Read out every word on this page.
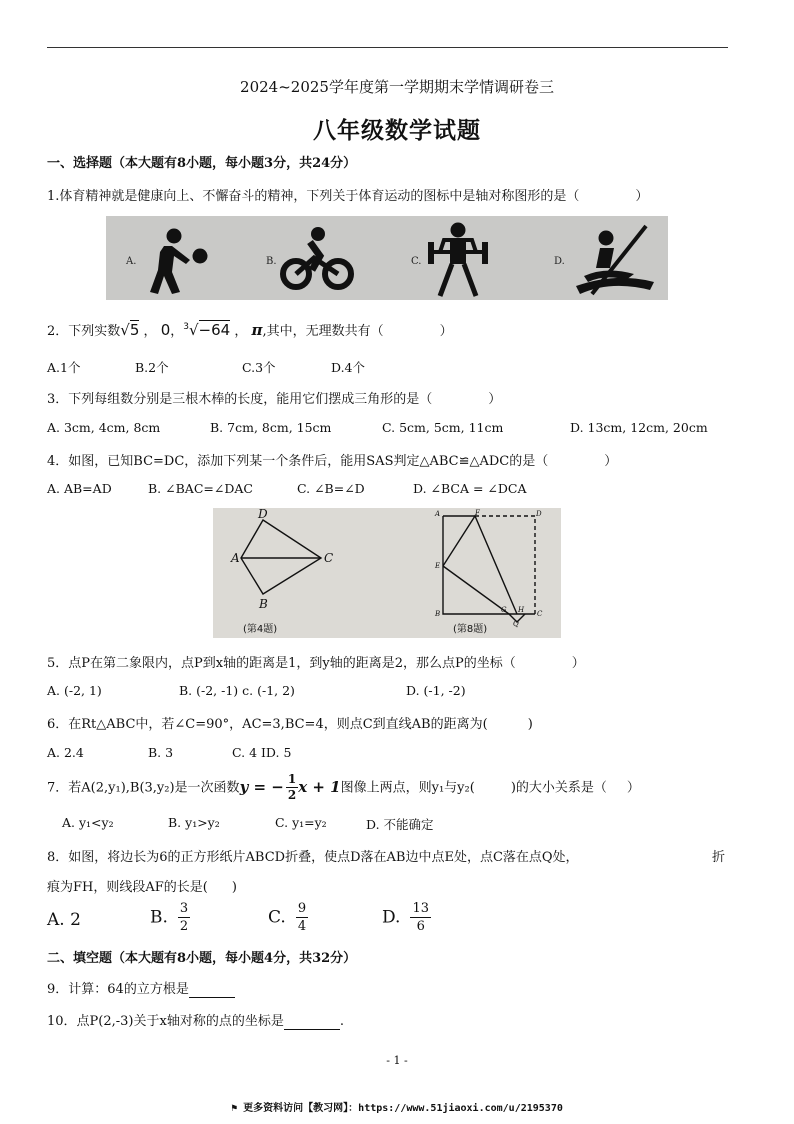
2024~2025学年度第一学期期末学情调研卷三
八年级数学试题
一、选择题（本大题有8小题，每小题3分，共24分）
1.体育精神就是健康向上、不懈奋斗的精神，下列关于体育运动的图标中是轴对称图形的是（	）
A.	B.	C.	D.
2．下列实数√5 ， 0，$^3$√−64 ， π,其中，无理数共有（	）
A.1个	B.2个	C.3个	D.4个
3．下列每组数分别是三根木棒的长度，能用它们摆成三角形的是（	）
A. 3cm, 4cm, 8cm	B. 7cm, 8cm, 15cm	C. 5cm, 5cm, 11cm	D. 13cm, 12cm, 20cm
4．如图，已知BC=DC，添加下列某一个条件后，能用SAS判定△ABC≌△ADC的是（	）
A. AB=AD	B. ∠BAC=∠DAC	C. ∠B=∠D	D. ∠BCA = ∠DCA
D
A	C
B
(第4题)
A	F	D
E
B	G H C
Q
(第8题)
5．点P在第二象限内，点P到x轴的距离是1，到y轴的距离是2，那么点P的坐标（	）
A. (-2, 1)	B. (-2, -1) c. (-1, 2)	D. (-1, -2)
6．在Rt△ABC中，若∠C=90°，AC=3,BC=4，则点C到直线AB的距离为(	)
A. 2.4	B. 3	C. 4 ID. 5
7．若A(2,y₁),B(3,y₂)是一次函数y = − $\frac{1}{2}$ x + 1图像上两点，则y₁与y₂(	)的大小关系是（ ）
A. y₁<y₂	B. y₁>y₂	C. y₁=y₂	D. 不能确定
8．如图，将边长为6的正方形纸片ABCD折叠，使点D落在AB边中点E处，点C落在点Q处，	折
痕为FH，则线段AF的长是( )
A. 2	B. $\frac{3}{2}$	C. $\frac{9}{4}$	D. $\frac{13}{6}$
二、填空题（本大题有8小题，每小题4分，共32分）
9．计算：64的立方根是
10．点P(2,-3)关于x轴对称的点的坐标是	.
- 1 -
⚑ 更多资料访问【教习网】：https://www.51jiaoxi.com/u/2195370
